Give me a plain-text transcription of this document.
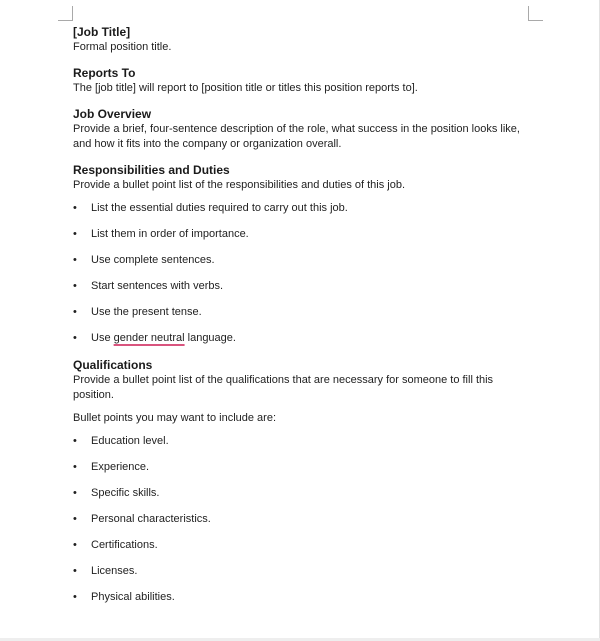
[Job Title]

Formal position title.

Reports To

The [job title] will report to [position title or titles this position reports to].

Job Overview

Provide a brief, four-sentence description of the role, what success in the position looks like, and how it fits into the company or organization overall.

Responsibilities and Duties

Provide a bullet point list of the responsibilities and duties of this job.

• List the essential duties required to carry out this job.
• List them in order of importance.
• Use complete sentences.
• Start sentences with verbs.
• Use the present tense.
• Use gender neutral language.

Qualifications

Provide a bullet point list of the qualifications that are necessary for someone to fill this position.

Bullet points you may want to include are:

• Education level.
• Experience.
• Specific skills.
• Personal characteristics.
• Certifications.
• Licenses.
• Physical abilities.
